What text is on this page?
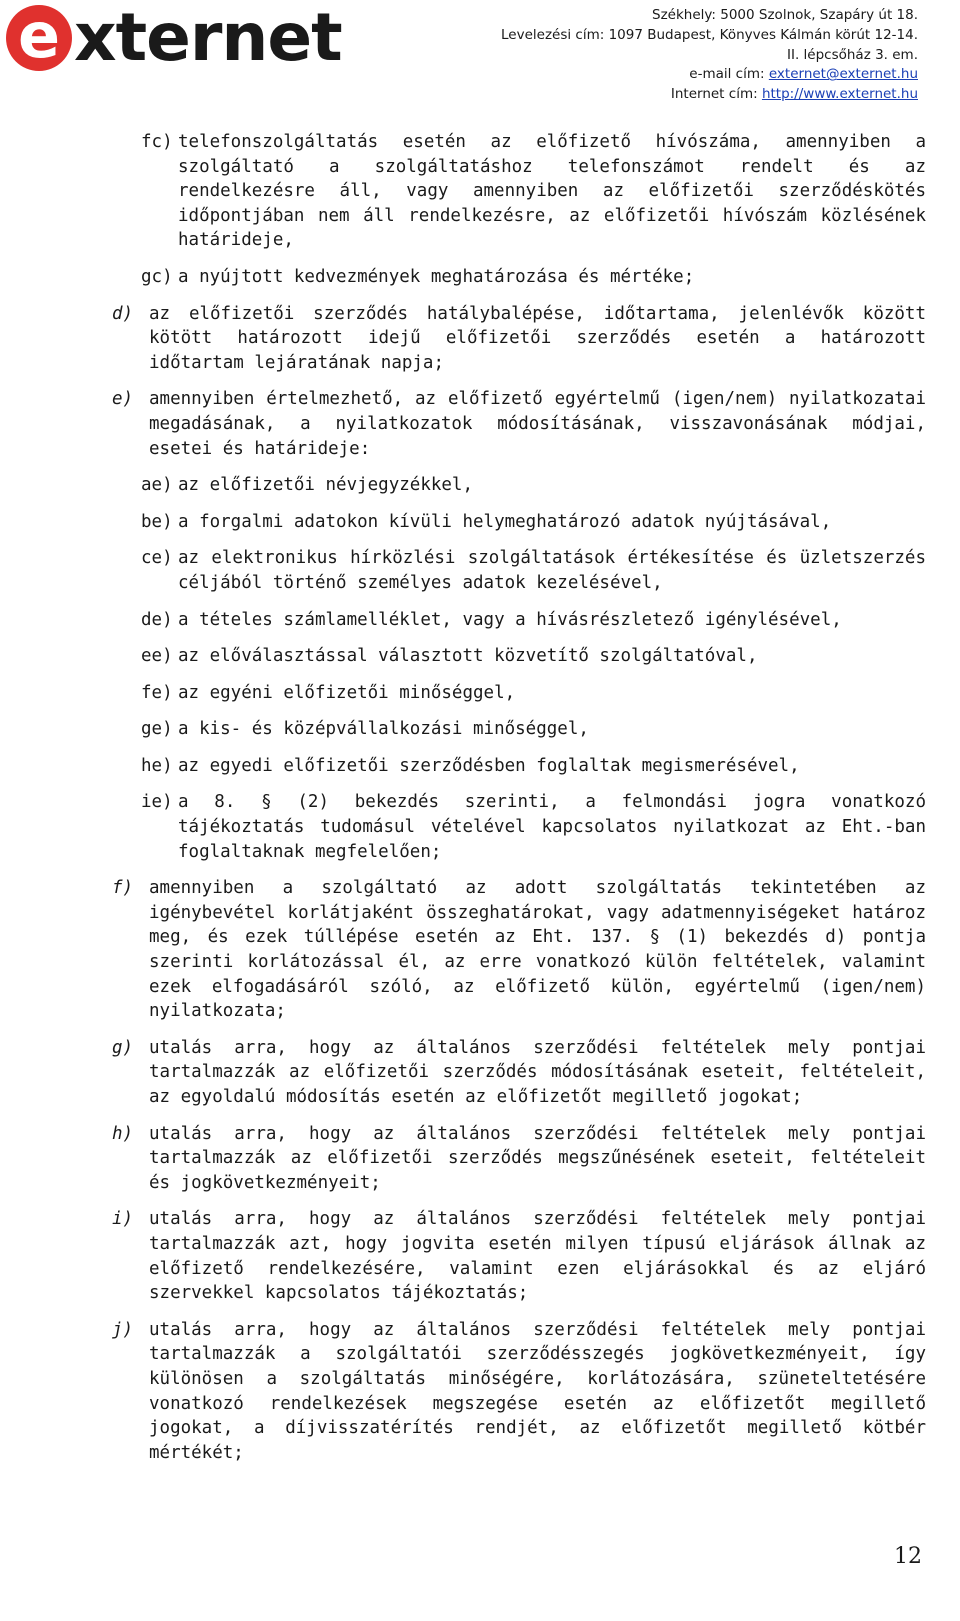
e xternet	Székhely: 5000 Szolnok, Szapáry út 18.
Levelezési cím: 1097 Budapest, Könyves Kálmán körút 12-14.
II. lépcsőház 3. em.
e-mail cím: externet@externet.hu
Internet cím: http://www.externet.hu
fc) telefonszolgáltatás esetén az előfizető hívószáma, amennyiben a szolgáltató a szolgáltatáshoz telefonszámot rendelt és az rendelkezésre áll, vagy amennyiben az előfizetői szerződéskötés időpontjában nem áll rendelkezésre, az előfizetői hívószám közlésének határideje,
gc) a nyújtott kedvezmények meghatározása és mértéke;
d) az előfizetői szerződés hatálybalépése, időtartama, jelenlévők között kötött határozott idejű előfizetői szerződés esetén a határozott időtartam lejáratának napja;
e) amennyiben értelmezhető, az előfizető egyértelmű (igen/nem) nyilatkozatai megadásának, a nyilatkozatok módosításának, visszavonásának módjai, esetei és határideje:
ae) az előfizetői névjegyzékkel,
be) a forgalmi adatokon kívüli helymeghatározó adatok nyújtásával,
ce) az elektronikus hírközlési szolgáltatások értékesítése és üzletszerzés céljából történő személyes adatok kezelésével,
de) a tételes számlamelléklet, vagy a hívásrészletező igénylésével,
ee) az előválasztással választott közvetítő szolgáltatóval,
fe) az egyéni előfizetői minőséggel,
ge) a kis- és középvállalkozási minőséggel,
he) az egyedi előfizetői szerződésben foglaltak megismerésével,
ie) a 8. § (2) bekezdés szerinti, a felmondási jogra vonatkozó tájékoztatás tudomásul vételével kapcsolatos nyilatkozat az Eht.-ban foglaltaknak megfelelően;
f) amennyiben a szolgáltató az adott szolgáltatás tekintetében az igénybevétel korlátjaként összeghatárokat, vagy adatmennyiségeket határoz meg, és ezek túllépése esetén az Eht. 137. § (1) bekezdés d) pontja szerinti korlátozással él, az erre vonatkozó külön feltételek, valamint ezek elfogadásáról szóló, az előfizető külön, egyértelmű (igen/nem) nyilatkozata;
g) utalás arra, hogy az általános szerződési feltételek mely pontjai tartalmazzák az előfizetői szerződés módosításának eseteit, feltételeit, az egyoldalú módosítás esetén az előfizetőt megillető jogokat;
h) utalás arra, hogy az általános szerződési feltételek mely pontjai tartalmazzák az előfizetői szerződés megszűnésének eseteit, feltételeit és jogkövetkezményeit;
i) utalás arra, hogy az általános szerződési feltételek mely pontjai tartalmazzák azt, hogy jogvita esetén milyen típusú eljárások állnak az előfizető rendelkezésére, valamint ezen eljárásokkal és az eljáró szervekkel kapcsolatos tájékoztatás;
j) utalás arra, hogy az általános szerződési feltételek mely pontjai tartalmazzák a szolgáltatói szerződésszegés jogkövetkezményeit, így különösen a szolgáltatás minőségére, korlátozására, szüneteltetésére vonatkozó rendelkezések megszegése esetén az előfizetőt megillető jogokat, a díjvisszatérítés rendjét, az előfizetőt megillető kötbér mértékét;
12
